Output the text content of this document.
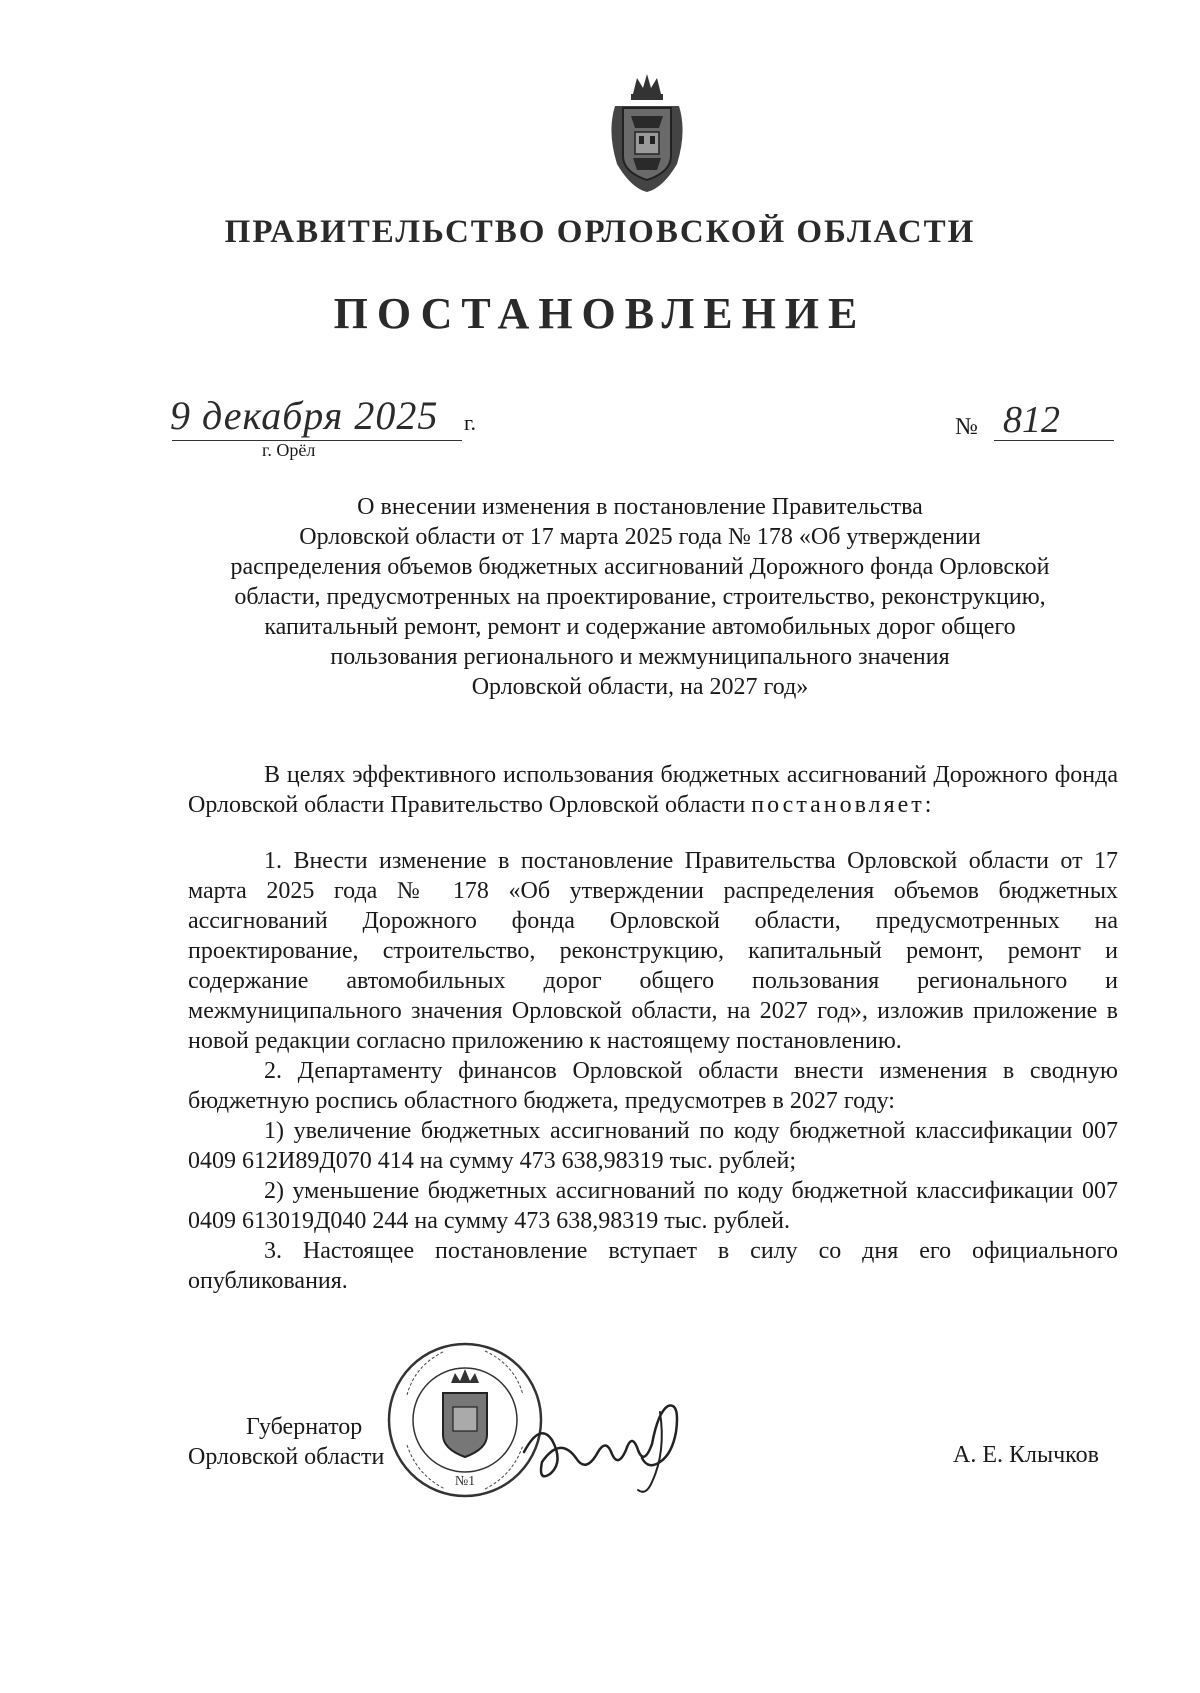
ПРАВИТЕЛЬСТВО ОРЛОВСКОЙ ОБЛАСТИ
ПОСТАНОВЛЕНИЕ
9 декабря 2025 г.
г. Орёл
№ 812
О внесении изменения в постановление Правительства
Орловской области от 17 марта 2025 года № 178 «Об утверждении
распределения объемов бюджетных ассигнований Дорожного фонда Орловской
области, предусмотренных на проектирование, строительство, реконструкцию,
капитальный ремонт, ремонт и содержание автомобильных дорог общего
пользования регионального и межмуниципального значения
Орловской области, на 2027 год»
В целях эффективного использования бюджетных ассигнований Дорожного фонда Орловской области Правительство Орловской области постановляет:
1. Внести изменение в постановление Правительства Орловской области от 17 марта 2025 года № 178 «Об утверждении распределения объемов бюджетных ассигнований Дорожного фонда Орловской области, предусмотренных на проектирование, строительство, реконструкцию, капитальный ремонт, ремонт и содержание автомобильных дорог общего пользования регионального и межмуниципального значения Орловской области, на 2027 год», изложив приложение в новой редакции согласно приложению к настоящему постановлению.
2. Департаменту финансов Орловской области внести изменения в сводную бюджетную роспись областного бюджета, предусмотрев в 2027 году:
1) увеличение бюджетных ассигнований по коду бюджетной классификации 007 0409 612И89Д070 414 на сумму 473 638,98319 тыс. рублей;
2) уменьшение бюджетных ассигнований по коду бюджетной классификации 007 0409 613019Д040 244 на сумму 473 638,98319 тыс. рублей.
3. Настоящее постановление вступает в силу со дня его официального опубликования.
Губернатор
Орловской области	А. Е. Клычков
№1
